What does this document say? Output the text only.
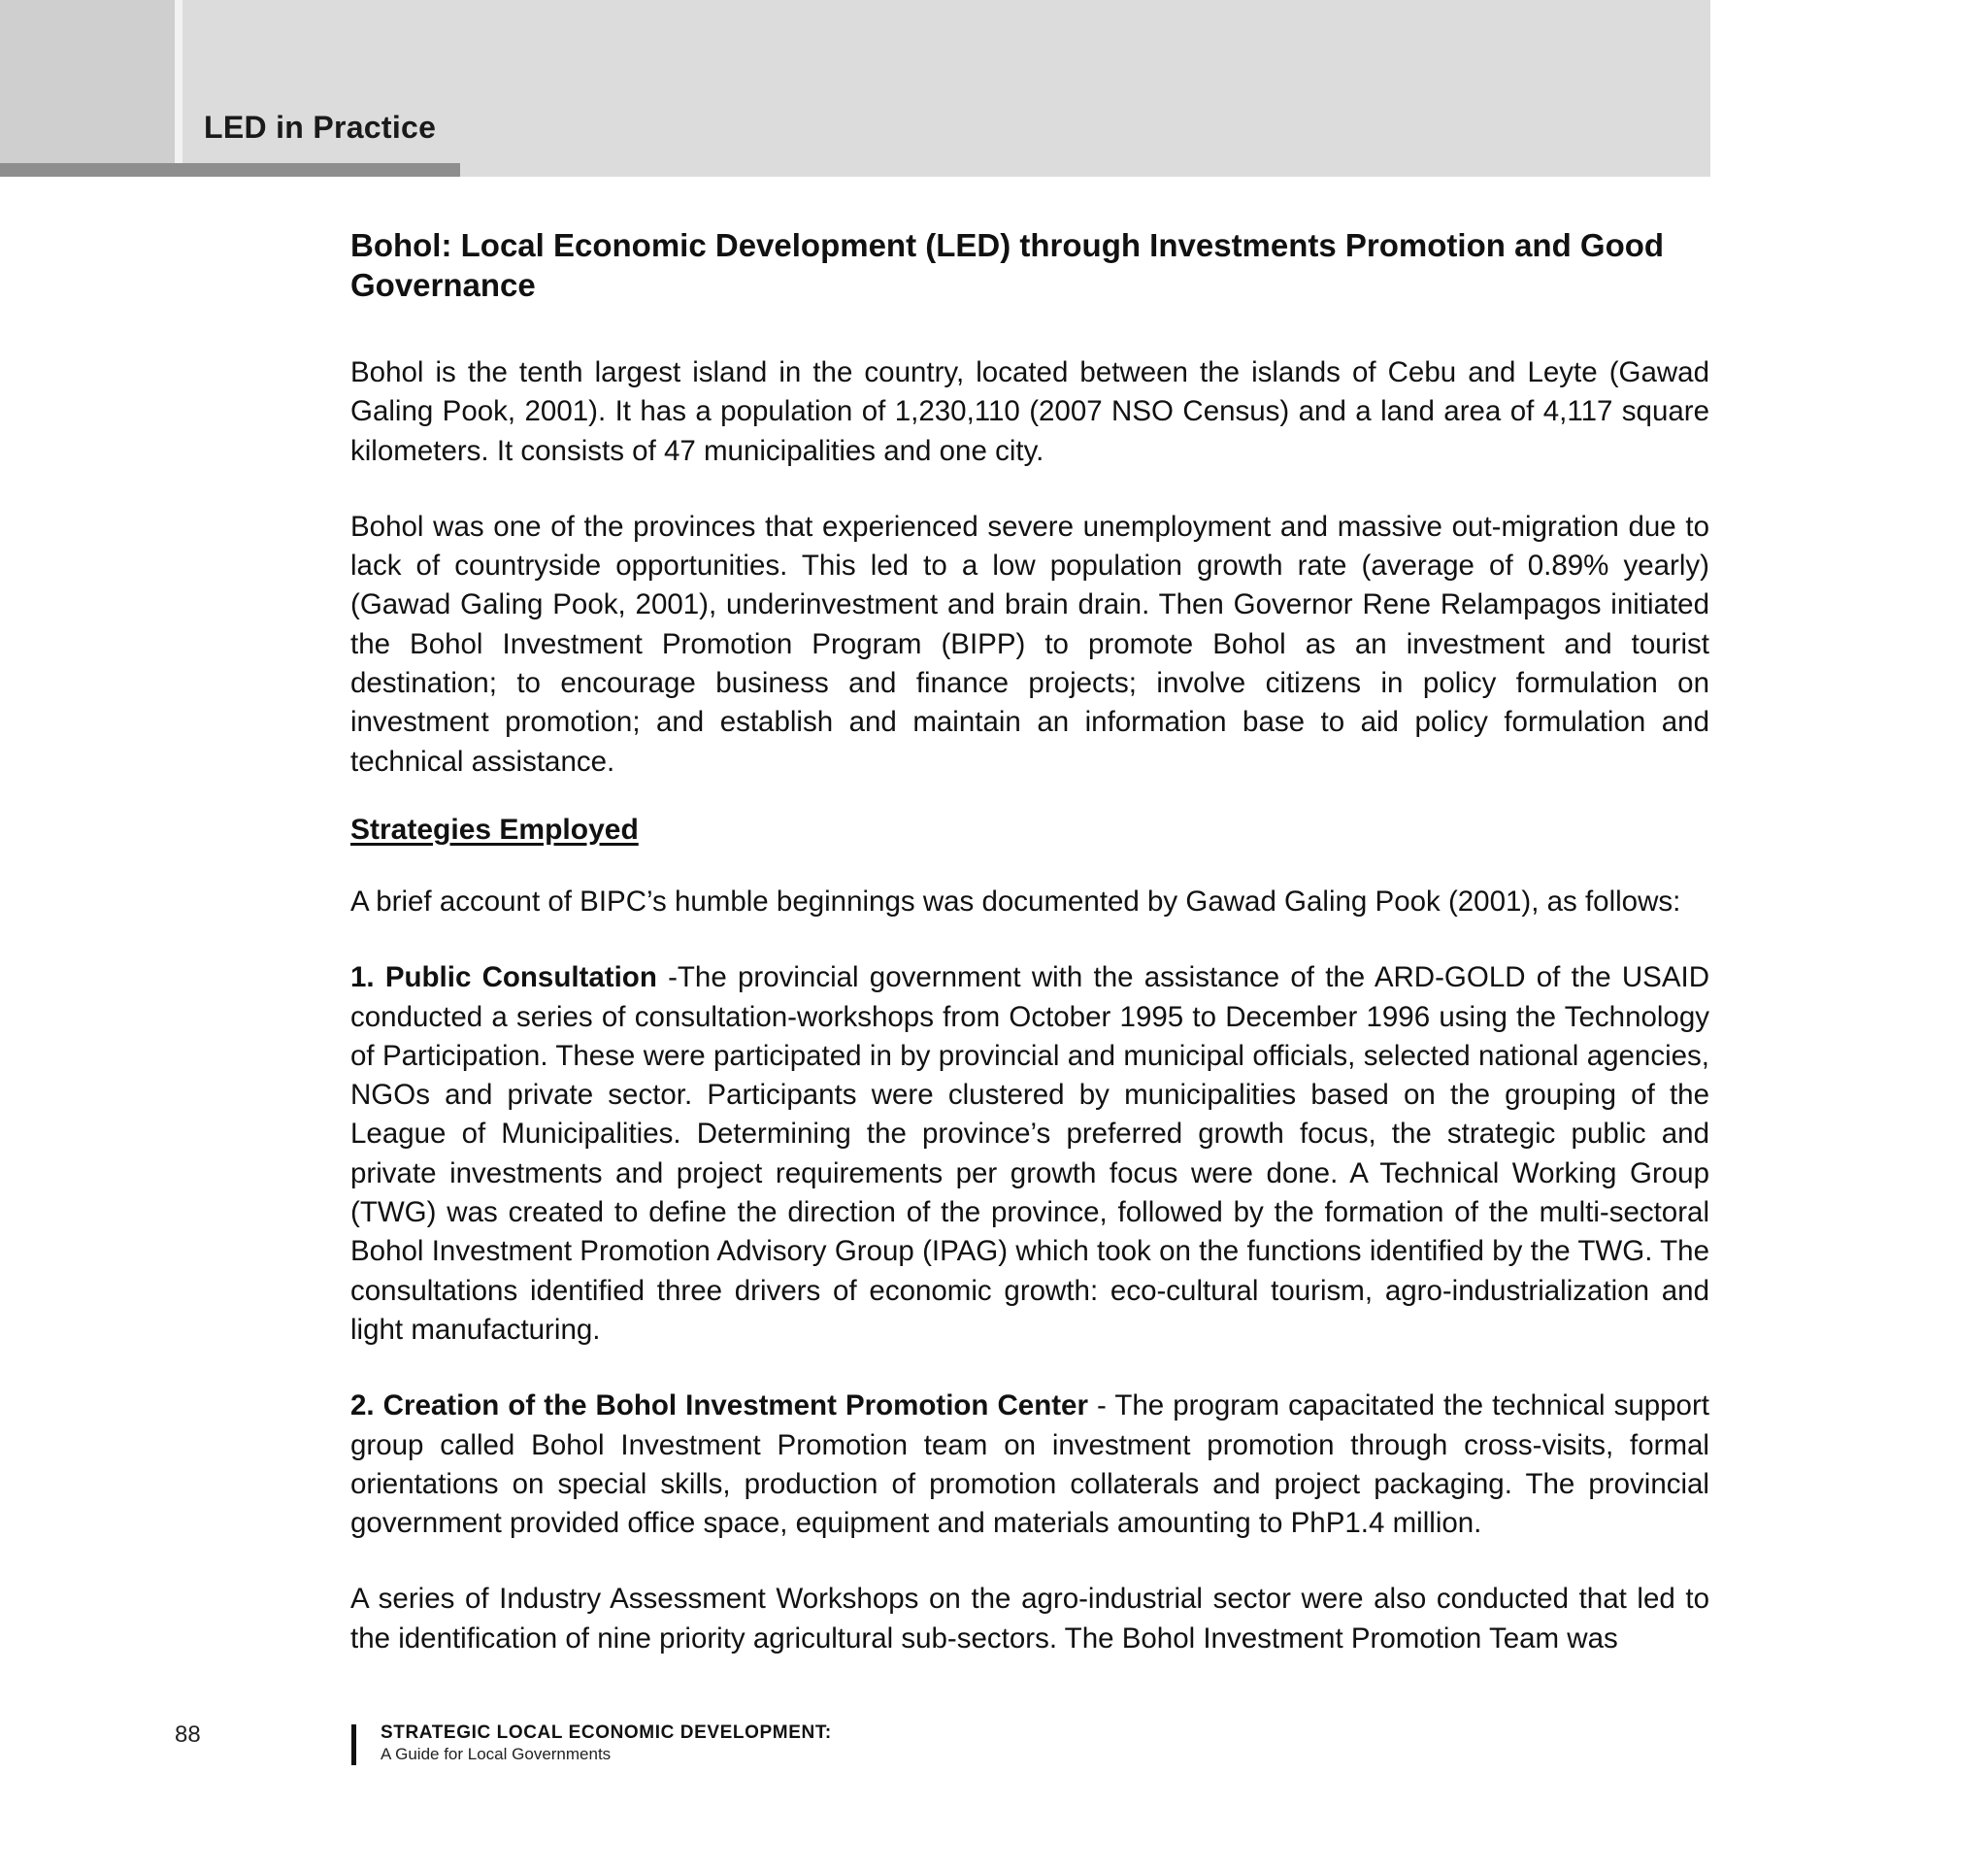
LED in Practice
Bohol: Local Economic Development (LED) through Investments Promotion and Good Governance

Bohol is the tenth largest island in the country, located between the islands of Cebu and Leyte (Gawad Galing Pook, 2001). It has a population of 1,230,110 (2007 NSO Census) and a land area of 4,117 square kilometers. It consists of 47 municipalities and one city.

Bohol was one of the provinces that experienced severe unemployment and massive out-migration due to lack of countryside opportunities. This led to a low population growth rate (average of 0.89% yearly) (Gawad Galing Pook, 2001), underinvestment and brain drain. Then Governor Rene Relampagos initiated the Bohol Investment Promotion Program (BIPP) to promote Bohol as an investment and tourist destination; to encourage business and finance projects; involve citizens in policy formulation on investment promotion; and establish and maintain an information base to aid policy formulation and technical assistance.

Strategies Employed

A brief account of BIPC’s humble beginnings was documented by Gawad Galing Pook (2001), as follows:

1. Public Consultation -The provincial government with the assistance of the ARD-GOLD of the USAID conducted a series of consultation-workshops from October 1995 to December 1996 using the Technology of Participation. These were participated in by provincial and municipal officials, selected national agencies, NGOs and private sector. Participants were clustered by municipalities based on the grouping of the League of Municipalities. Determining the province’s preferred growth focus, the strategic public and private investments and project requirements per growth focus were done. A Technical Working Group (TWG) was created to define the direction of the province, followed by the formation of the multi-sectoral Bohol Investment Promotion Advisory Group (IPAG) which took on the functions identified by the TWG. The consultations identified three drivers of economic growth: eco-cultural tourism, agro-industrialization and light manufacturing.

2. Creation of the Bohol Investment Promotion Center - The program capacitated the technical support group called Bohol Investment Promotion team on investment promotion through cross-visits, formal orientations on special skills, production of promotion collaterals and project packaging. The provincial government provided office space, equipment and materials amounting to PhP1.4 million.

A series of Industry Assessment Workshops on the agro-industrial sector were also conducted that led to the identification of nine priority agricultural sub-sectors. The Bohol Investment Promotion Team was

88	STRATEGIC LOCAL ECONOMIC DEVELOPMENT:
A Guide for Local Governments
